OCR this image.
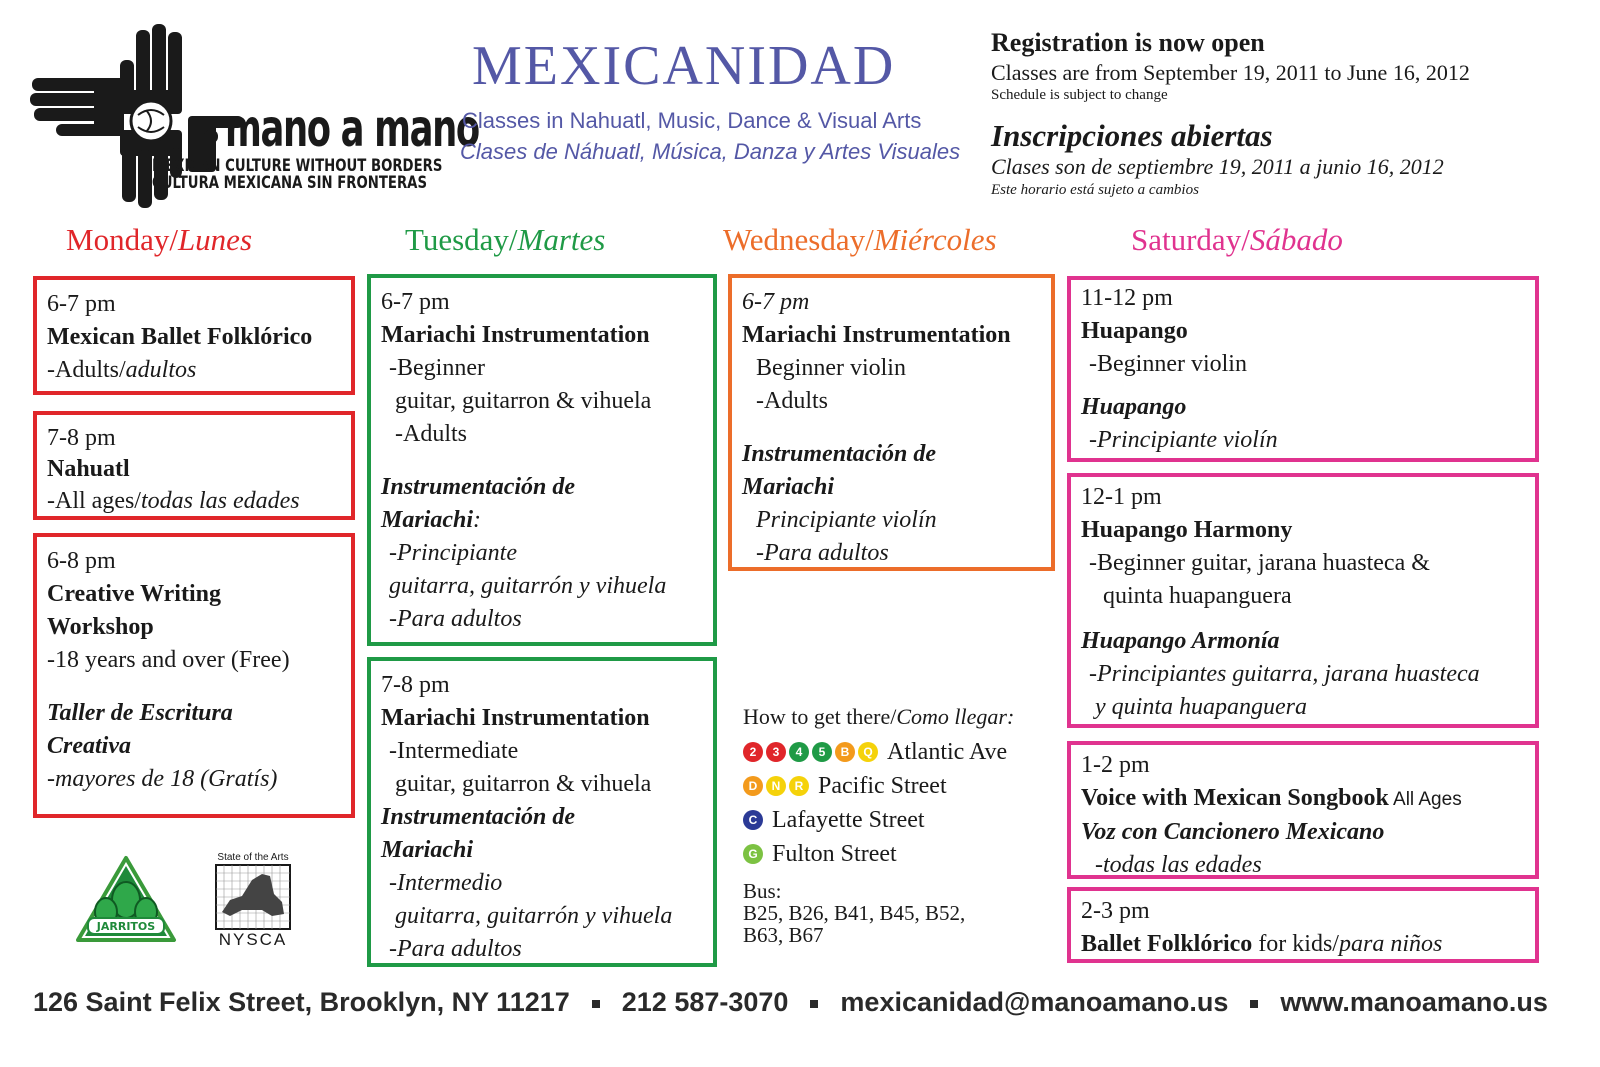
mano a mano
MEXICAN CULTURE WITHOUT BORDERS
CULTURA MEXICANA SIN FRONTERAS
MEXICANIDAD
Classes in Nahuatl, Music, Dance & Visual Arts
Clases de Náhuatl, Música, Danza y Artes Visuales
Registration is now open
Classes are from September 19, 2011 to June 16, 2012
Schedule is subject to change
Inscripciones abiertas
Clases son de septiembre 19, 2011 a junio 16, 2012
Este horario está sujeto a cambios
Monday/Lunes	Tuesday/Martes	Wednesday/Miércoles	Saturday/Sábado
6-7 pm
Mexican Ballet Folklórico
-Adults/adultos
7-8 pm
Nahuatl
-All ages/todas las edades
6-8 pm
Creative Writing
Workshop
-18 years and over (Free)
Taller de Escritura
Creativa
-mayores de 18 (Gratís)
6-7 pm
Mariachi Instrumentation
-Beginner
guitar, guitarron & vihuela
-Adults
Instrumentación de
Mariachi:
-Principiante
guitarra, guitarrón y vihuela
-Para adultos
7-8 pm
Mariachi Instrumentation
-Intermediate
guitar, guitarron & vihuela
Instrumentación de
Mariachi
-Intermedio
guitarra, guitarrón y vihuela
-Para adultos
6-7 pm
Mariachi Instrumentation
Beginner violin
-Adults
Instrumentación de
Mariachi
Principiante violín
-Para adultos
How to get there/Como llegar:
2	3	4	5	B	Q Atlantic Ave
D	N	R Pacific Street
C Lafayette Street
G Fulton Street
Bus:
B25, B26, B41, B45, B52,
B63, B67
11-12 pm
Huapango
-Beginner violin
Huapango
-Principiante violín
12-1 pm
Huapango Harmony
-Beginner guitar, jarana huasteca &
quinta huapanguera
Huapango Armonía
-Principiantes guitarra, jarana huasteca
y quinta huapanguera
1-2 pm
Voice with Mexican Songbook All Ages
Voz con Cancionero Mexicano
-todas las edades
2-3 pm
Ballet Folklórico for kids/para niños
JARRITOS
State of the Arts
NYSCA
126 Saint Felix Street, Brooklyn, NY 11217 212 587-3070 mexicanidad@manoamano.us www.manoamano.us
